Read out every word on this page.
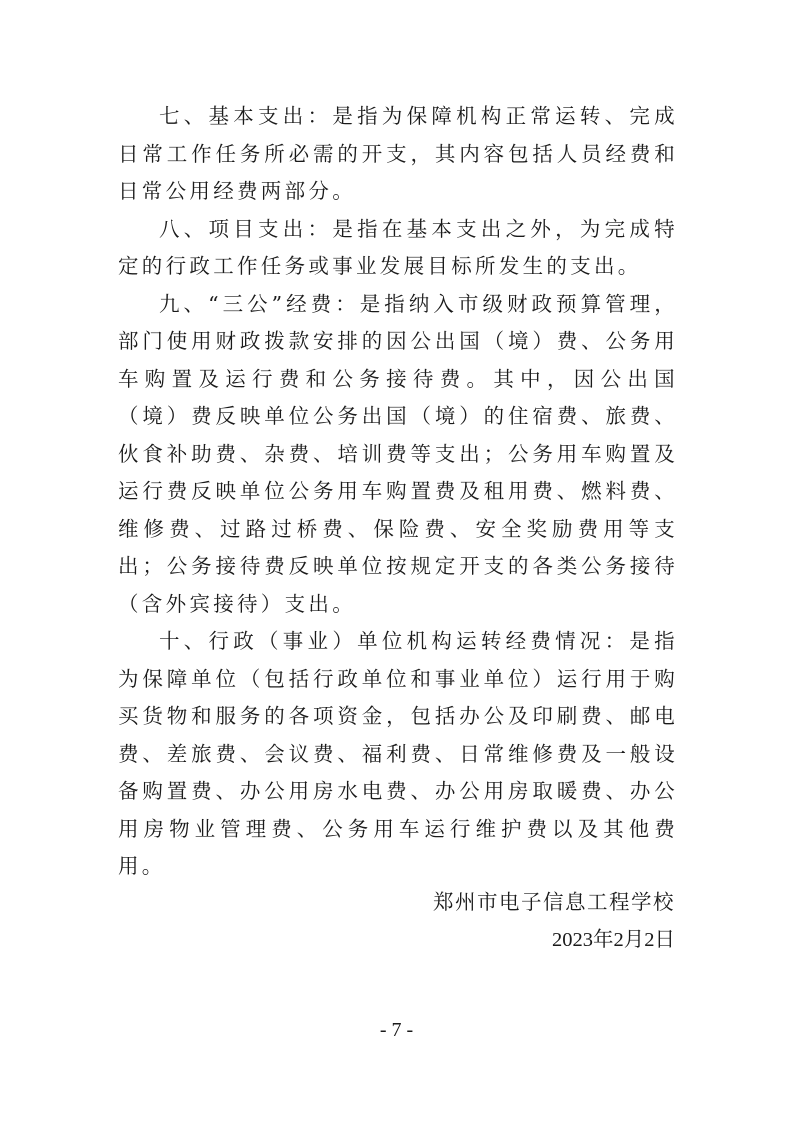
七、基本支出：是指为保障机构正常运转、完成日常工作任务所必需的开支，其内容包括人员经费和日常公用经费两部分。

八、项目支出：是指在基本支出之外，为完成特定的行政工作任务或事业发展目标所发生的支出。

九、“三公”经费：是指纳入市级财政预算管理，部门使用财政拨款安排的因公出国（境）费、公务用车购置及运行费和公务接待费。其中，因公出国（境）费反映单位公务出国（境）的住宿费、旅费、伙食补助费、杂费、培训费等支出；公务用车购置及运行费反映单位公务用车购置费及租用费、燃料费、维修费、过路过桥费、保险费、安全奖励费用等支出；公务接待费反映单位按规定开支的各类公务接待（含外宾接待）支出。

十、行政（事业）单位机构运转经费情况：是指为保障单位（包括行政单位和事业单位）运行用于购买货物和服务的各项资金，包括办公及印刷费、邮电费、差旅费、会议费、福利费、日常维修费及一般设备购置费、办公用房水电费、办公用房取暖费、办公用房物业管理费、公务用车运行维护费以及其他费用。

郑州市电子信息工程学校
2023年2月2日
- 7 -
